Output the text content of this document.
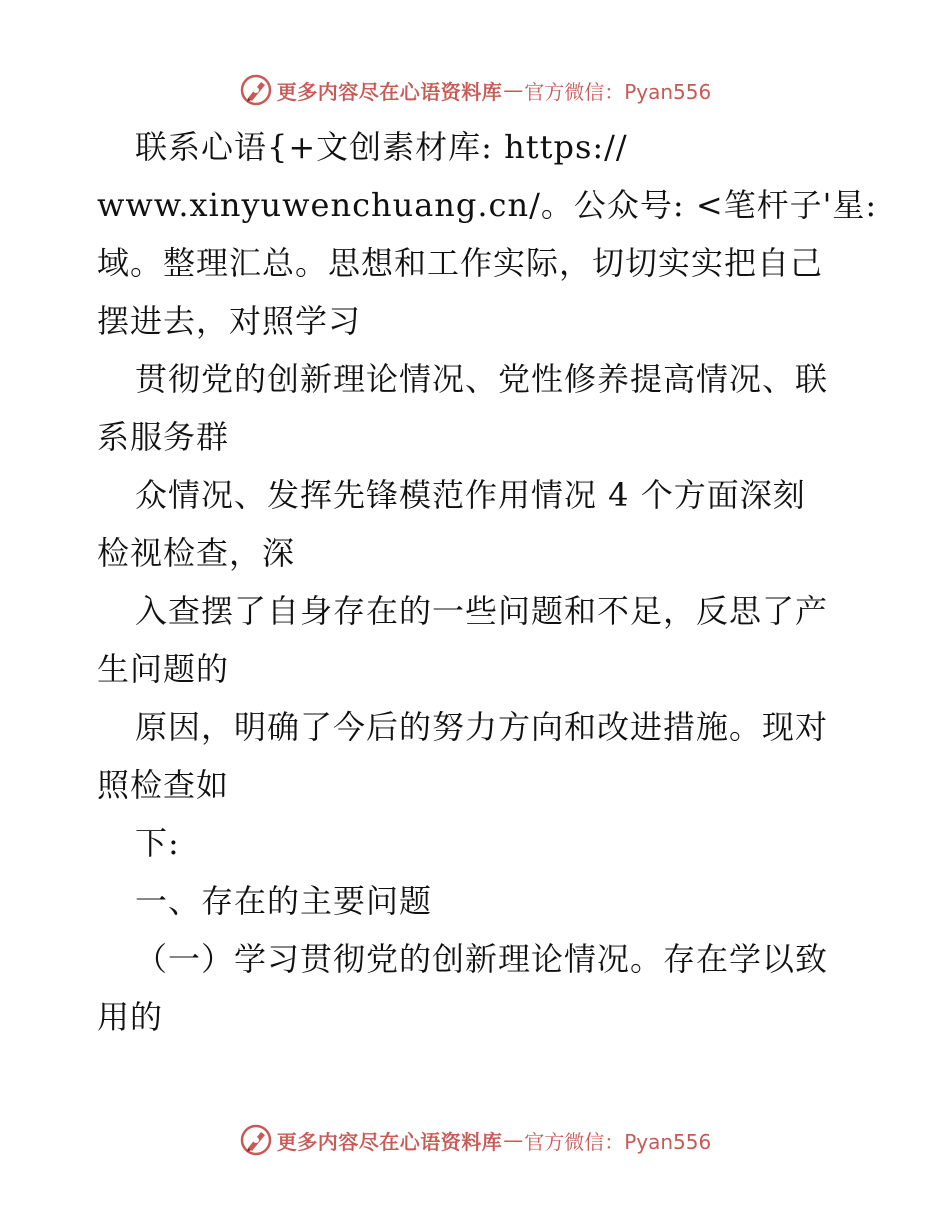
更多内容尽在心语资料库 — 官方微信：Pyan556
联系心语{+文创素材库: https://
www.xinyuwenchuang.cn/。公众号: <笔杆子'星:
域。整理汇总。思想和工作实际，切切实实把自己
摆进去，对照学习
贯彻党的创新理论情况、党性修养提高情况、联
系服务群
众情况、发挥先锋模范作用情况 4 个方面深刻
检视检查，深
入查摆了自身存在的一些问题和不足，反思了产
生问题的
原因，明确了今后的努力方向和改进措施。现对
照检查如
下:
一、存在的主要问题
（一）学习贯彻党的创新理论情况。存在学以致
用的
更多内容尽在心语资料库 — 官方微信：Pyan556
